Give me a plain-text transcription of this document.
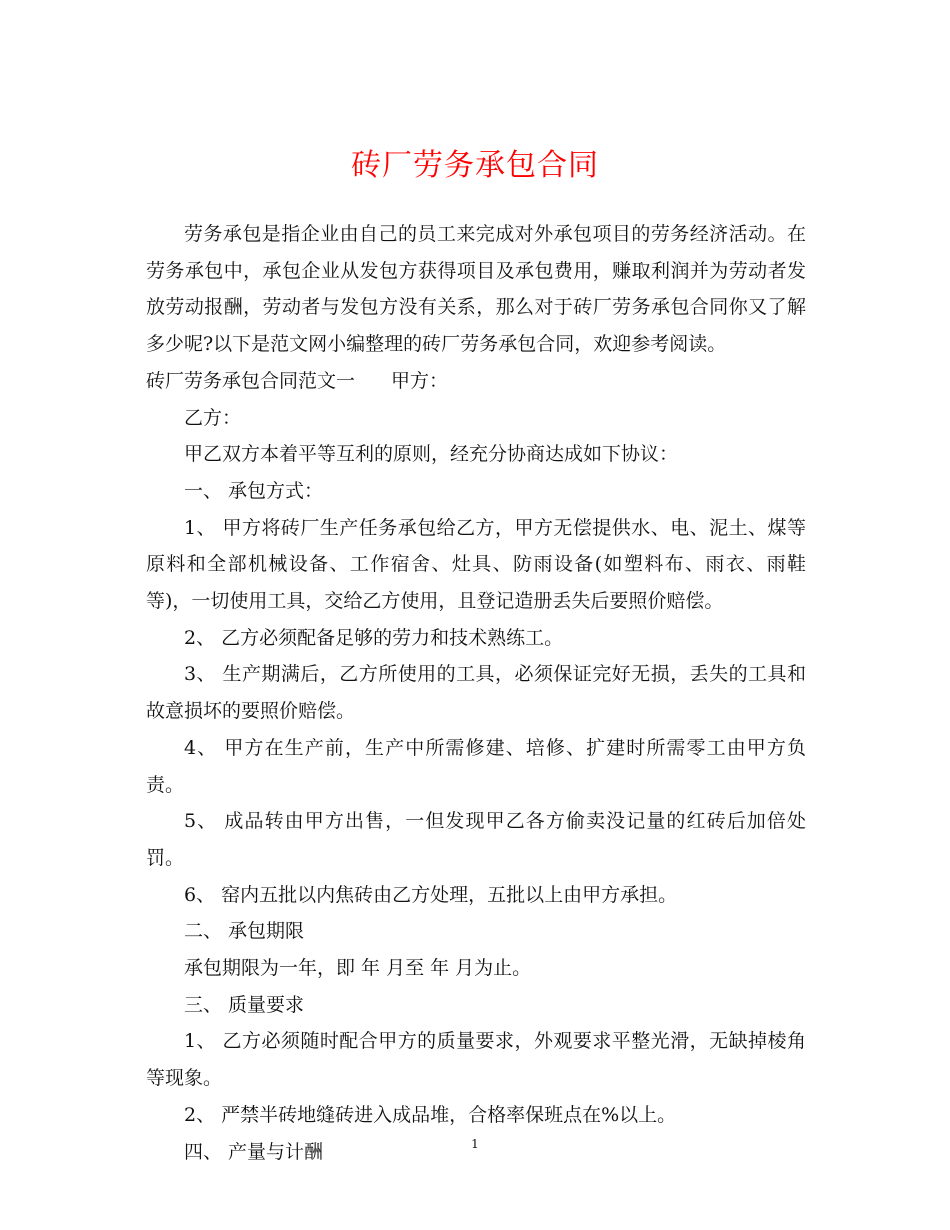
砖厂劳务承包合同

劳务承包是指企业由自己的员工来完成对外承包项目的劳务经济活动。在劳务承包中，承包企业从发包方获得项目及承包费用，赚取利润并为劳动者发放劳动报酬，劳动者与发包方没有关系，那么对于砖厂劳务承包合同你又了解多少呢?以下是范文网小编整理的砖厂劳务承包合同，欢迎参考阅读。

砖厂劳务承包合同范文一 甲方：

乙方：

甲乙双方本着平等互利的原则，经充分协商达成如下协议：

一、 承包方式：

1、 甲方将砖厂生产任务承包给乙方，甲方无偿提供水、电、泥土、煤等原料和全部机械设备、工作宿舍、灶具、防雨设备(如塑料布、雨衣、雨鞋等)，一切使用工具，交给乙方使用，且登记造册丢失后要照价赔偿。

2、 乙方必须配备足够的劳力和技术熟练工。

3、 生产期满后，乙方所使用的工具，必须保证完好无损，丢失的工具和故意损坏的要照价赔偿。

4、 甲方在生产前，生产中所需修建、培修、扩建时所需零工由甲方负责。

5、 成品转由甲方出售，一但发现甲乙各方偷卖没记量的红砖后加倍处罚。

6、 窑内五批以内焦砖由乙方处理，五批以上由甲方承担。

二、 承包期限

承包期限为一年，即 年 月至 年 月为止。

三、 质量要求

1、 乙方必须随时配合甲方的质量要求，外观要求平整光滑，无缺掉棱角等现象。

2、 严禁半砖地缝砖进入成品堆，合格率保班点在%以上。

四、 产量与计酬	1
